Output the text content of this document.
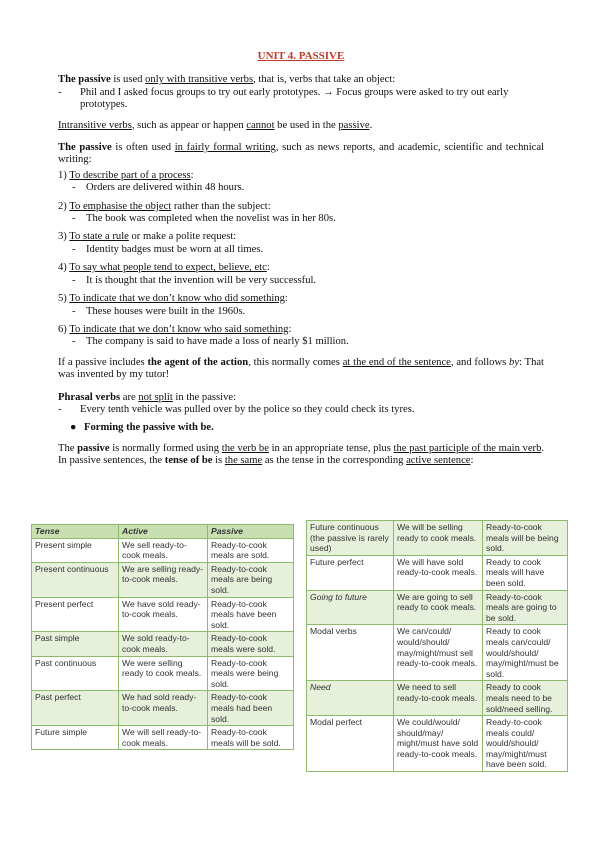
UNIT 4. PASSIVE

The passive is used only with transitive verbs, that is, verbs that take an object:

-	Phil and I asked focus groups to try out early prototypes. → Focus groups were asked to try out early prototypes.

Intransitive verbs, such as appear or happen cannot be used in the passive.

The passive is often used in fairly formal writing, such as news reports, and academic, scientific and technical writing:

1) To describe part of a process:
- Orders are delivered within 48 hours.
2) To emphasise the object rather than the subject:
- The book was completed when the novelist was in her 80s.
3) To state a rule or make a polite request:
- Identity badges must be worn at all times.
4) To say what people tend to expect, believe, etc:
- It is thought that the invention will be very successful.
5) To indicate that we don’t know who did something:
- These houses were built in the 1960s.
6) To indicate that we don’t know who said something:
- The company is said to have made a loss of nearly $1 million.

If a passive includes the agent of the action, this normally comes at the end of the sentence, and follows by: That was invented by my tutor!

Phrasal verbs are not split in the passive:

-	Every tenth vehicle was pulled over by the police so they could check its tyres.
● Forming the passive with be.

The passive is normally formed using the verb be in an appropriate tense, plus the past participle of the main verb. In passive sentences, the tense of be is the same as the tense in the corresponding active sentence:

Tense	Active	Passive
Present simple	We sell ready-to-cook meals.	Ready-to-cook meals are sold.
Present continuous	We are selling ready-to-cook meals.	Ready-to-cook meals are being sold.
Present perfect	We have sold ready-to-cook meals.	Ready-to-cook meals have been sold.
Past simple	We sold ready-to-cook meals.	Ready-to-cook meals were sold.
Past continuous	We were selling ready to cook meals.	Ready-to-cook meals were being sold.
Past perfect	We had sold ready-to-cook meals.	Ready-to-cook meals had been sold.
Future simple	We will sell ready-to-cook meals.	Ready-to-cook meals will be sold.
Future continuous (the passive is rarely used)	We will be selling ready to cook meals.	Ready-to-cook meals will be being sold.
Future perfect	We will have sold ready-to-cook meals.	Ready to cook meals will have been sold.
Going to future	We are going to sell ready to cook meals.	Ready-to-cook meals are going to be sold.
Modal verbs	We can/could/ would/should/ may/might/must sell ready-to-cook meals.	Ready to cook meals can/could/ would/should/ may/might/must be sold.
Need	We need to sell ready-to-cook meals.	Ready to cook meals need to be sold/need selling.
Modal perfect	We could/would/ should/may/ might/must have sold ready-to-cook meals.	Ready-to-cook meals could/ would/should/ may/might/must have been sold.
